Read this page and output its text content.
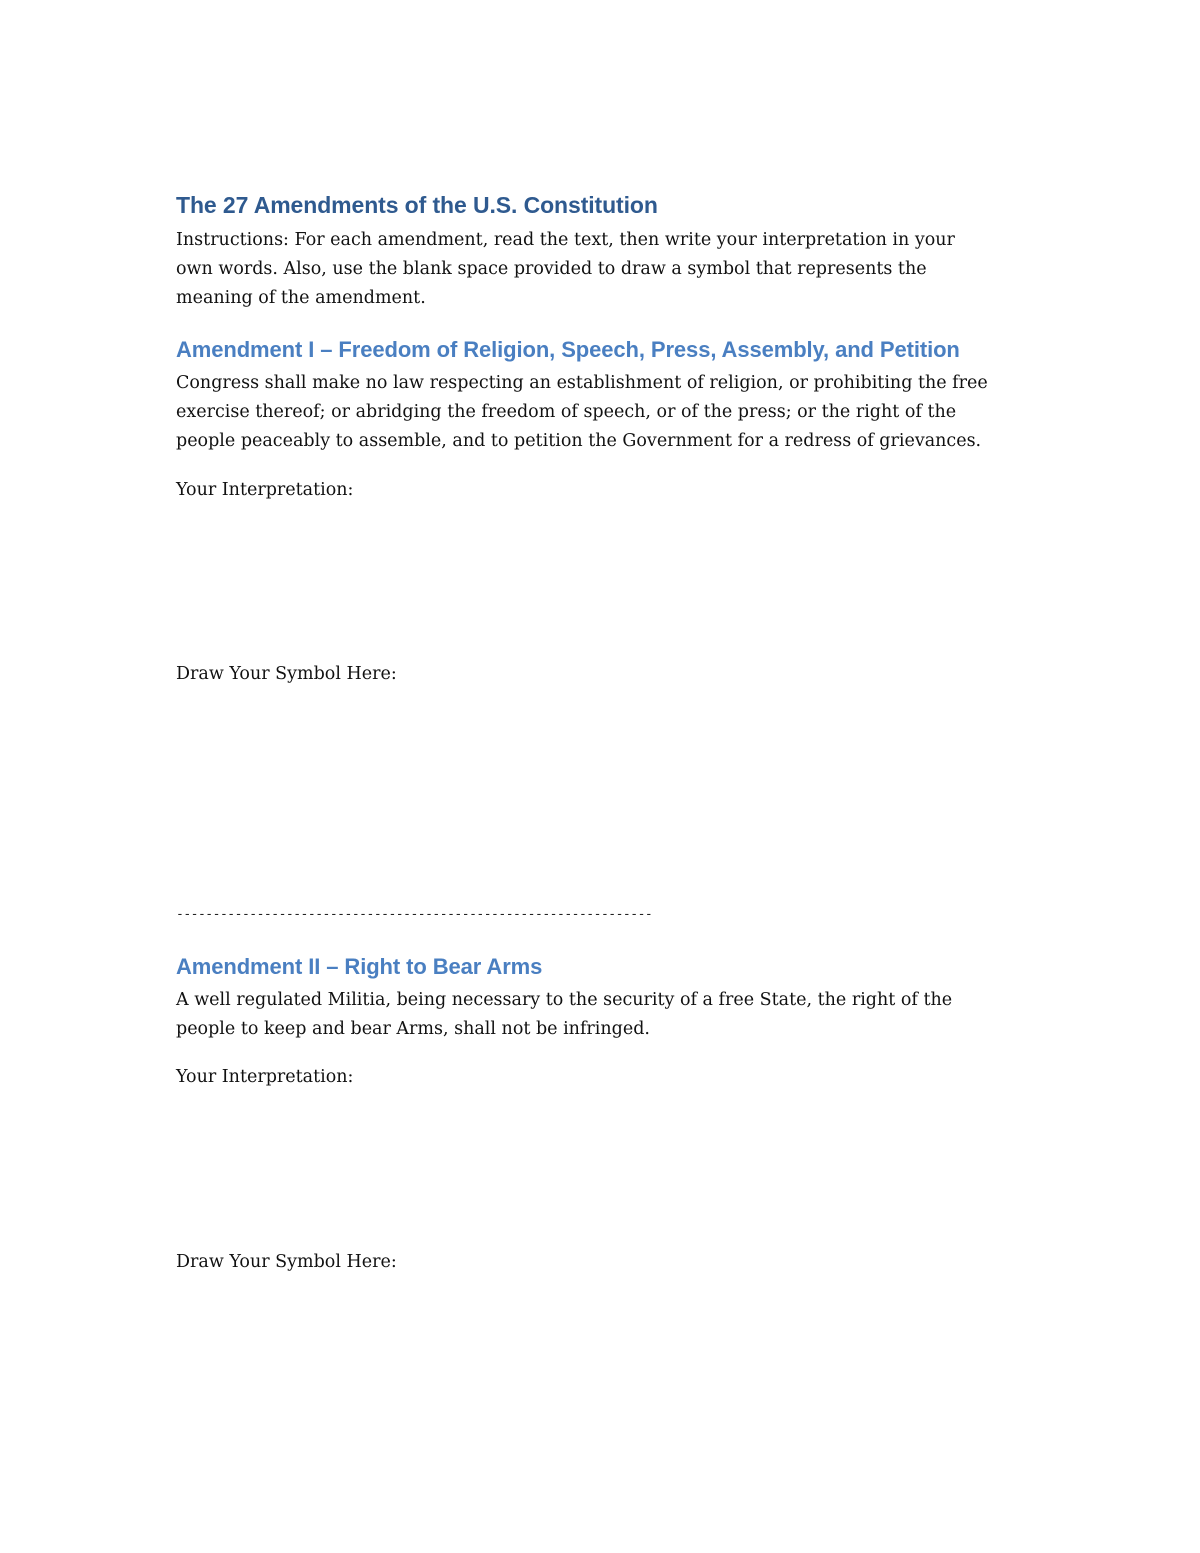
The 27 Amendments of the U.S. Constitution
Instructions: For each amendment, read the text, then write your interpretation in your
own words. Also, use the blank space provided to draw a symbol that represents the
meaning of the amendment.
Amendment I – Freedom of Religion, Speech, Press, Assembly, and Petition
Congress shall make no law respecting an establishment of religion, or prohibiting the free
exercise thereof; or abridging the freedom of speech, or of the press; or the right of the
people peaceably to assemble, and to petition the Government for a redress of grievances.
Your Interpretation:
Draw Your Symbol Here:
-----------------------------------------------------------------
Amendment II – Right to Bear Arms
A well regulated Militia, being necessary to the security of a free State, the right of the
people to keep and bear Arms, shall not be infringed.
Your Interpretation:
Draw Your Symbol Here:
